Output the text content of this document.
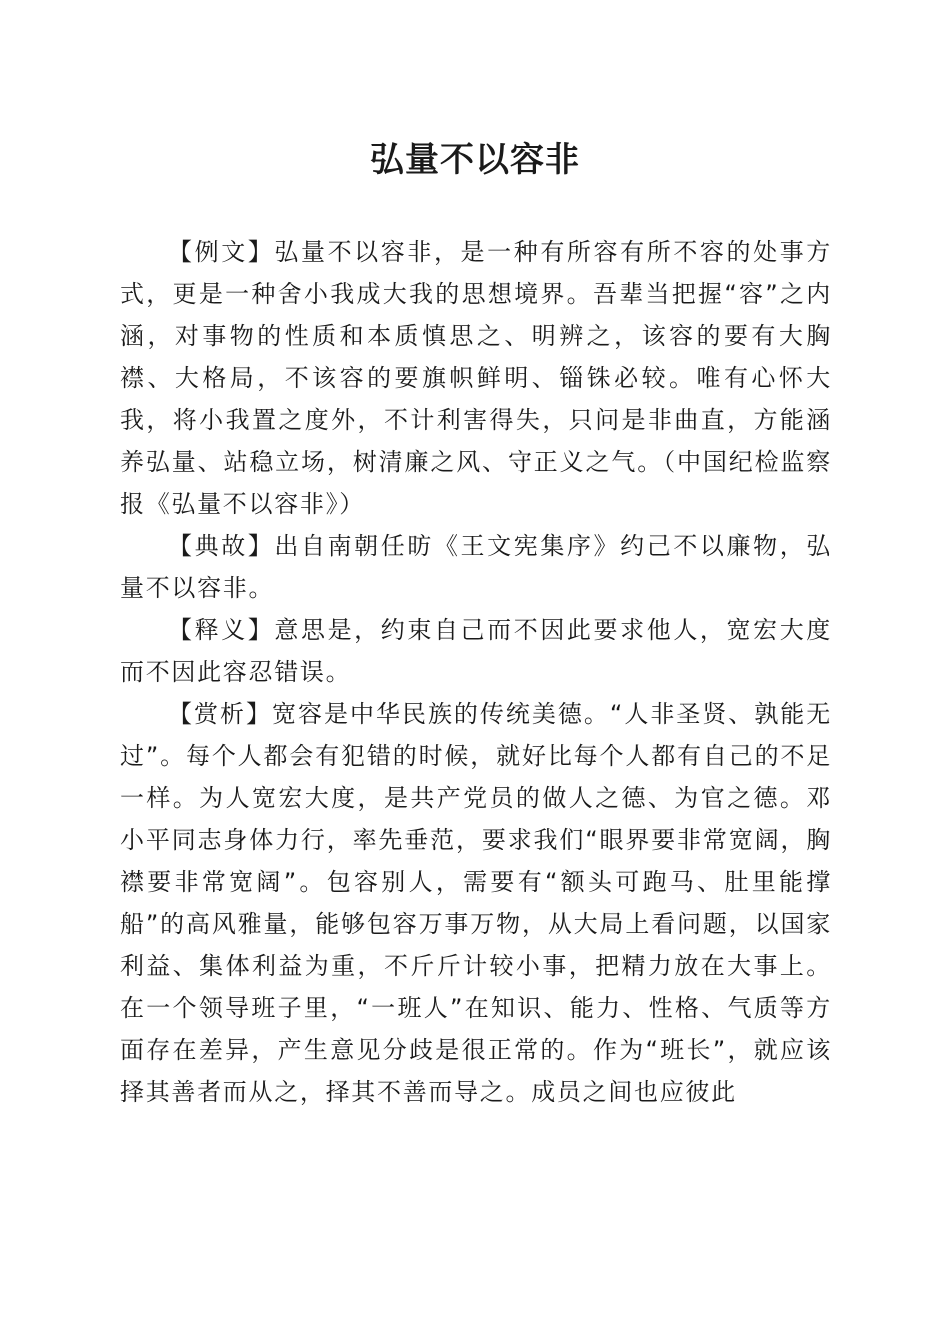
弘量不以容非

【例文】弘量不以容非，是一种有所容有所不容的处事方式，更是一种舍小我成大我的思想境界。吾辈当把握“容”之内涵，对事物的性质和本质慎思之、明辨之，该容的要有大胸襟、大格局，不该容的要旗帜鲜明、锱铢必较。唯有心怀大我，将小我置之度外，不计利害得失，只问是非曲直，方能涵养弘量、站稳立场，树清廉之风、守正义之气。（中国纪检监察报《弘量不以容非》）

【典故】出自南朝任昉《王文宪集序》约己不以廉物，弘量不以容非。

【释义】意思是，约束自己而不因此要求他人，宽宏大度而不因此容忍错误。

【赏析】宽容是中华民族的传统美德。“人非圣贤、孰能无过”。每个人都会有犯错的时候，就好比每个人都有自己的不足一样。为人宽宏大度，是共产党员的做人之德、为官之德。邓小平同志身体力行，率先垂范，要求我们“眼界要非常宽阔，胸襟要非常宽阔”。包容别人，需要有“额头可跑马、肚里能撑船”的高风雅量，能够包容万事万物，从大局上看问题，以国家利益、集体利益为重，不斤斤计较小事，把精力放在大事上。在一个领导班子里，“一班人”在知识、能力、性格、气质等方面存在差异，产生意见分歧是很正常的。作为“班长”，就应该择其善者而从之，择其不善而导之。成员之间也应彼此
